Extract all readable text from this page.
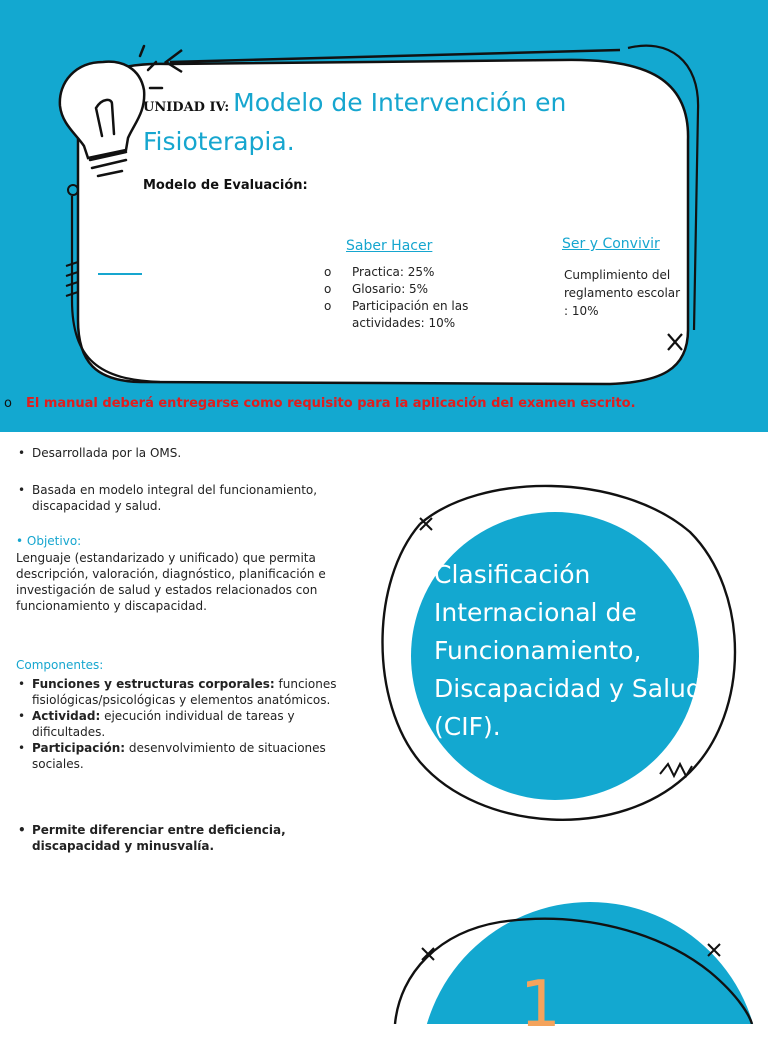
UNIDAD IV: Modelo de Intervención en Fisioterapia.
Modelo de Evaluación:
Saber Hacer
o Practica: 25%
o Glosario: 5%
o Participación en las actividades: 10%
Ser y Convivir
Cumplimiento del reglamento escolar : 10%
o El manual deberá entregarse como requisito para la aplicación del examen escrito.
• Desarrollada por la OMS.
• Basada en modelo integral del funcionamiento, discapacidad y salud.
• Objetivo:
Lenguaje (estandarizado y unificado) que permita descripción, valoración, diagnóstico, planificación e investigación de salud y estados relacionados con funcionamiento y discapacidad.
Componentes:
• Funciones y estructuras corporales: funciones fisiológicas/psicológicas y elementos anatómicos.
• Actividad: ejecución individual de tareas y dificultades.
• Participación: desenvolvimiento de situaciones sociales.
• Permite diferenciar entre deficiencia, discapacidad y minusvalía.
Clasificación Internacional de Funcionamiento, Discapacidad y Salud (CIF).
1
